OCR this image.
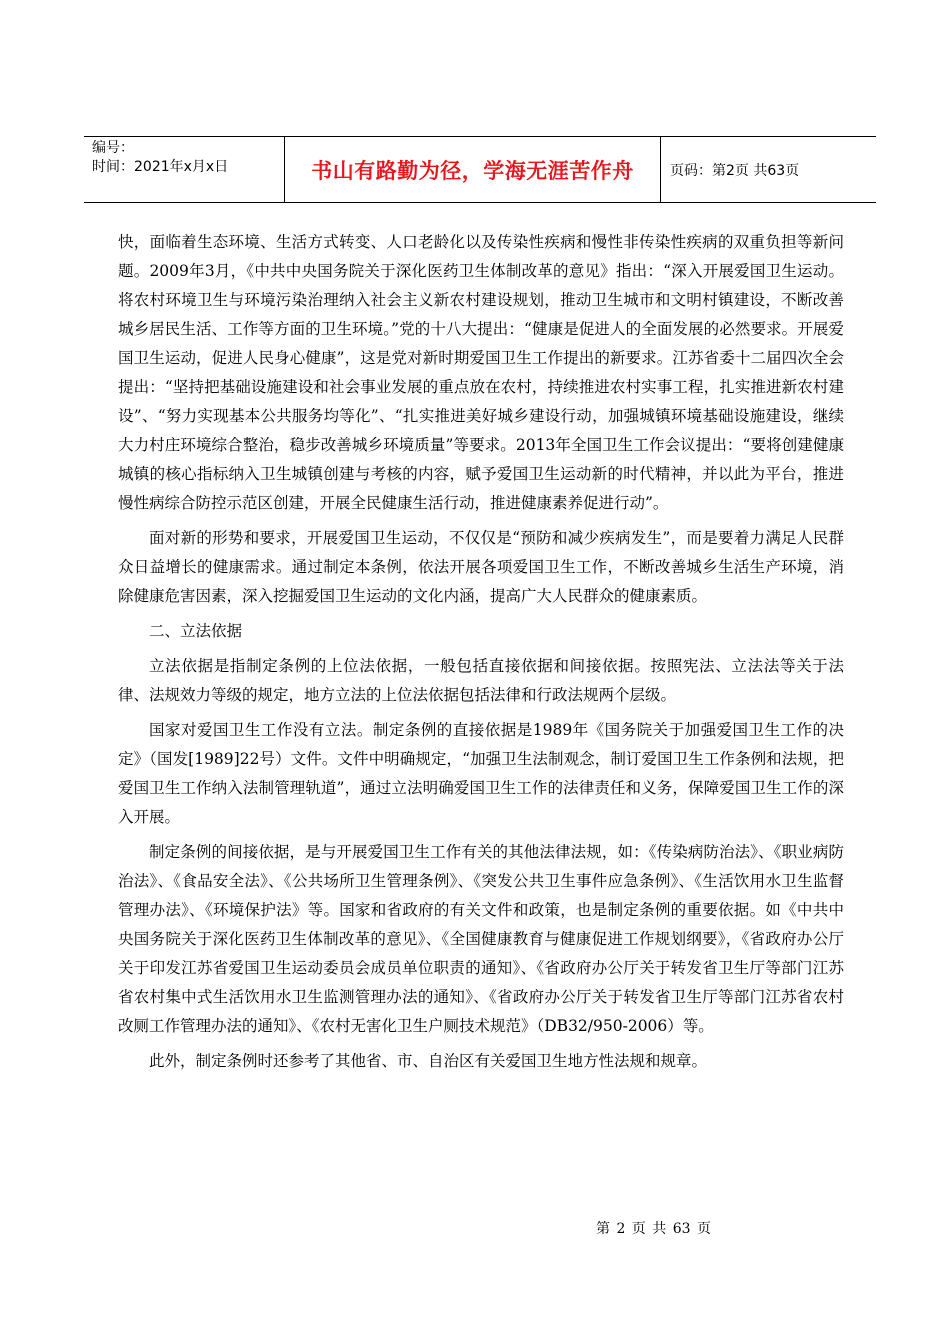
编号：
时间：2021年x月x日	书山有路勤为径，学海无涯苦作舟	页码：第2页 共63页

快，面临着生态环境、生活方式转变、人口老龄化以及传染性疾病和慢性非传染性疾病的双重负担等新问题。2009年3月，《中共中央国务院关于深化医药卫生体制改革的意见》指出：“深入开展爱国卫生运动。将农村环境卫生与环境污染治理纳入社会主义新农村建设规划，推动卫生城市和文明村镇建设，不断改善城乡居民生活、工作等方面的卫生环境。”党的十八大提出：“健康是促进人的全面发展的必然要求。开展爱国卫生运动，促进人民身心健康”，这是党对新时期爱国卫生工作提出的新要求。江苏省委十二届四次全会提出：“坚持把基础设施建设和社会事业发展的重点放在农村，持续推进农村实事工程，扎实推进新农村建设”、“努力实现基本公共服务均等化”、“扎实推进美好城乡建设行动，加强城镇环境基础设施建设，继续大力村庄环境综合整治，稳步改善城乡环境质量”等要求。2013年全国卫生工作会议提出：“要将创建健康城镇的核心指标纳入卫生城镇创建与考核的内容，赋予爱国卫生运动新的时代精神，并以此为平台，推进慢性病综合防控示范区创建，开展全民健康生活行动，推进健康素养促进行动”。

面对新的形势和要求，开展爱国卫生运动，不仅仅是“预防和减少疾病发生”，而是要着力满足人民群众日益增长的健康需求。通过制定本条例，依法开展各项爱国卫生工作，不断改善城乡生活生产环境，消除健康危害因素，深入挖掘爱国卫生运动的文化内涵，提高广大人民群众的健康素质。

二、立法依据

立法依据是指制定条例的上位法依据，一般包括直接依据和间接依据。按照宪法、立法法等关于法律、法规效力等级的规定，地方立法的上位法依据包括法律和行政法规两个层级。

国家对爱国卫生工作没有立法。制定条例的直接依据是1989年《国务院关于加强爱国卫生工作的决定》（国发[1989]22号）文件。文件中明确规定，“加强卫生法制观念，制订爱国卫生工作条例和法规，把爱国卫生工作纳入法制管理轨道”，通过立法明确爱国卫生工作的法律责任和义务，保障爱国卫生工作的深入开展。

制定条例的间接依据，是与开展爱国卫生工作有关的其他法律法规，如：《传染病防治法》、《职业病防治法》、《食品安全法》、《公共场所卫生管理条例》、《突发公共卫生事件应急条例》、《生活饮用水卫生监督管理办法》、《环境保护法》等。国家和省政府的有关文件和政策，也是制定条例的重要依据。如《中共中央国务院关于深化医药卫生体制改革的意见》、《全国健康教育与健康促进工作规划纲要》，《省政府办公厅关于印发江苏省爱国卫生运动委员会成员单位职责的通知》、《省政府办公厅关于转发省卫生厅等部门江苏省农村集中式生活饮用水卫生监测管理办法的通知》、《省政府办公厅关于转发省卫生厅等部门江苏省农村改厕工作管理办法的通知》、《农村无害化卫生户厕技术规范》（DB32/950-2006）等。

此外，制定条例时还参考了其他省、市、自治区有关爱国卫生地方性法规和规章。

第 2 页 共 63 页
